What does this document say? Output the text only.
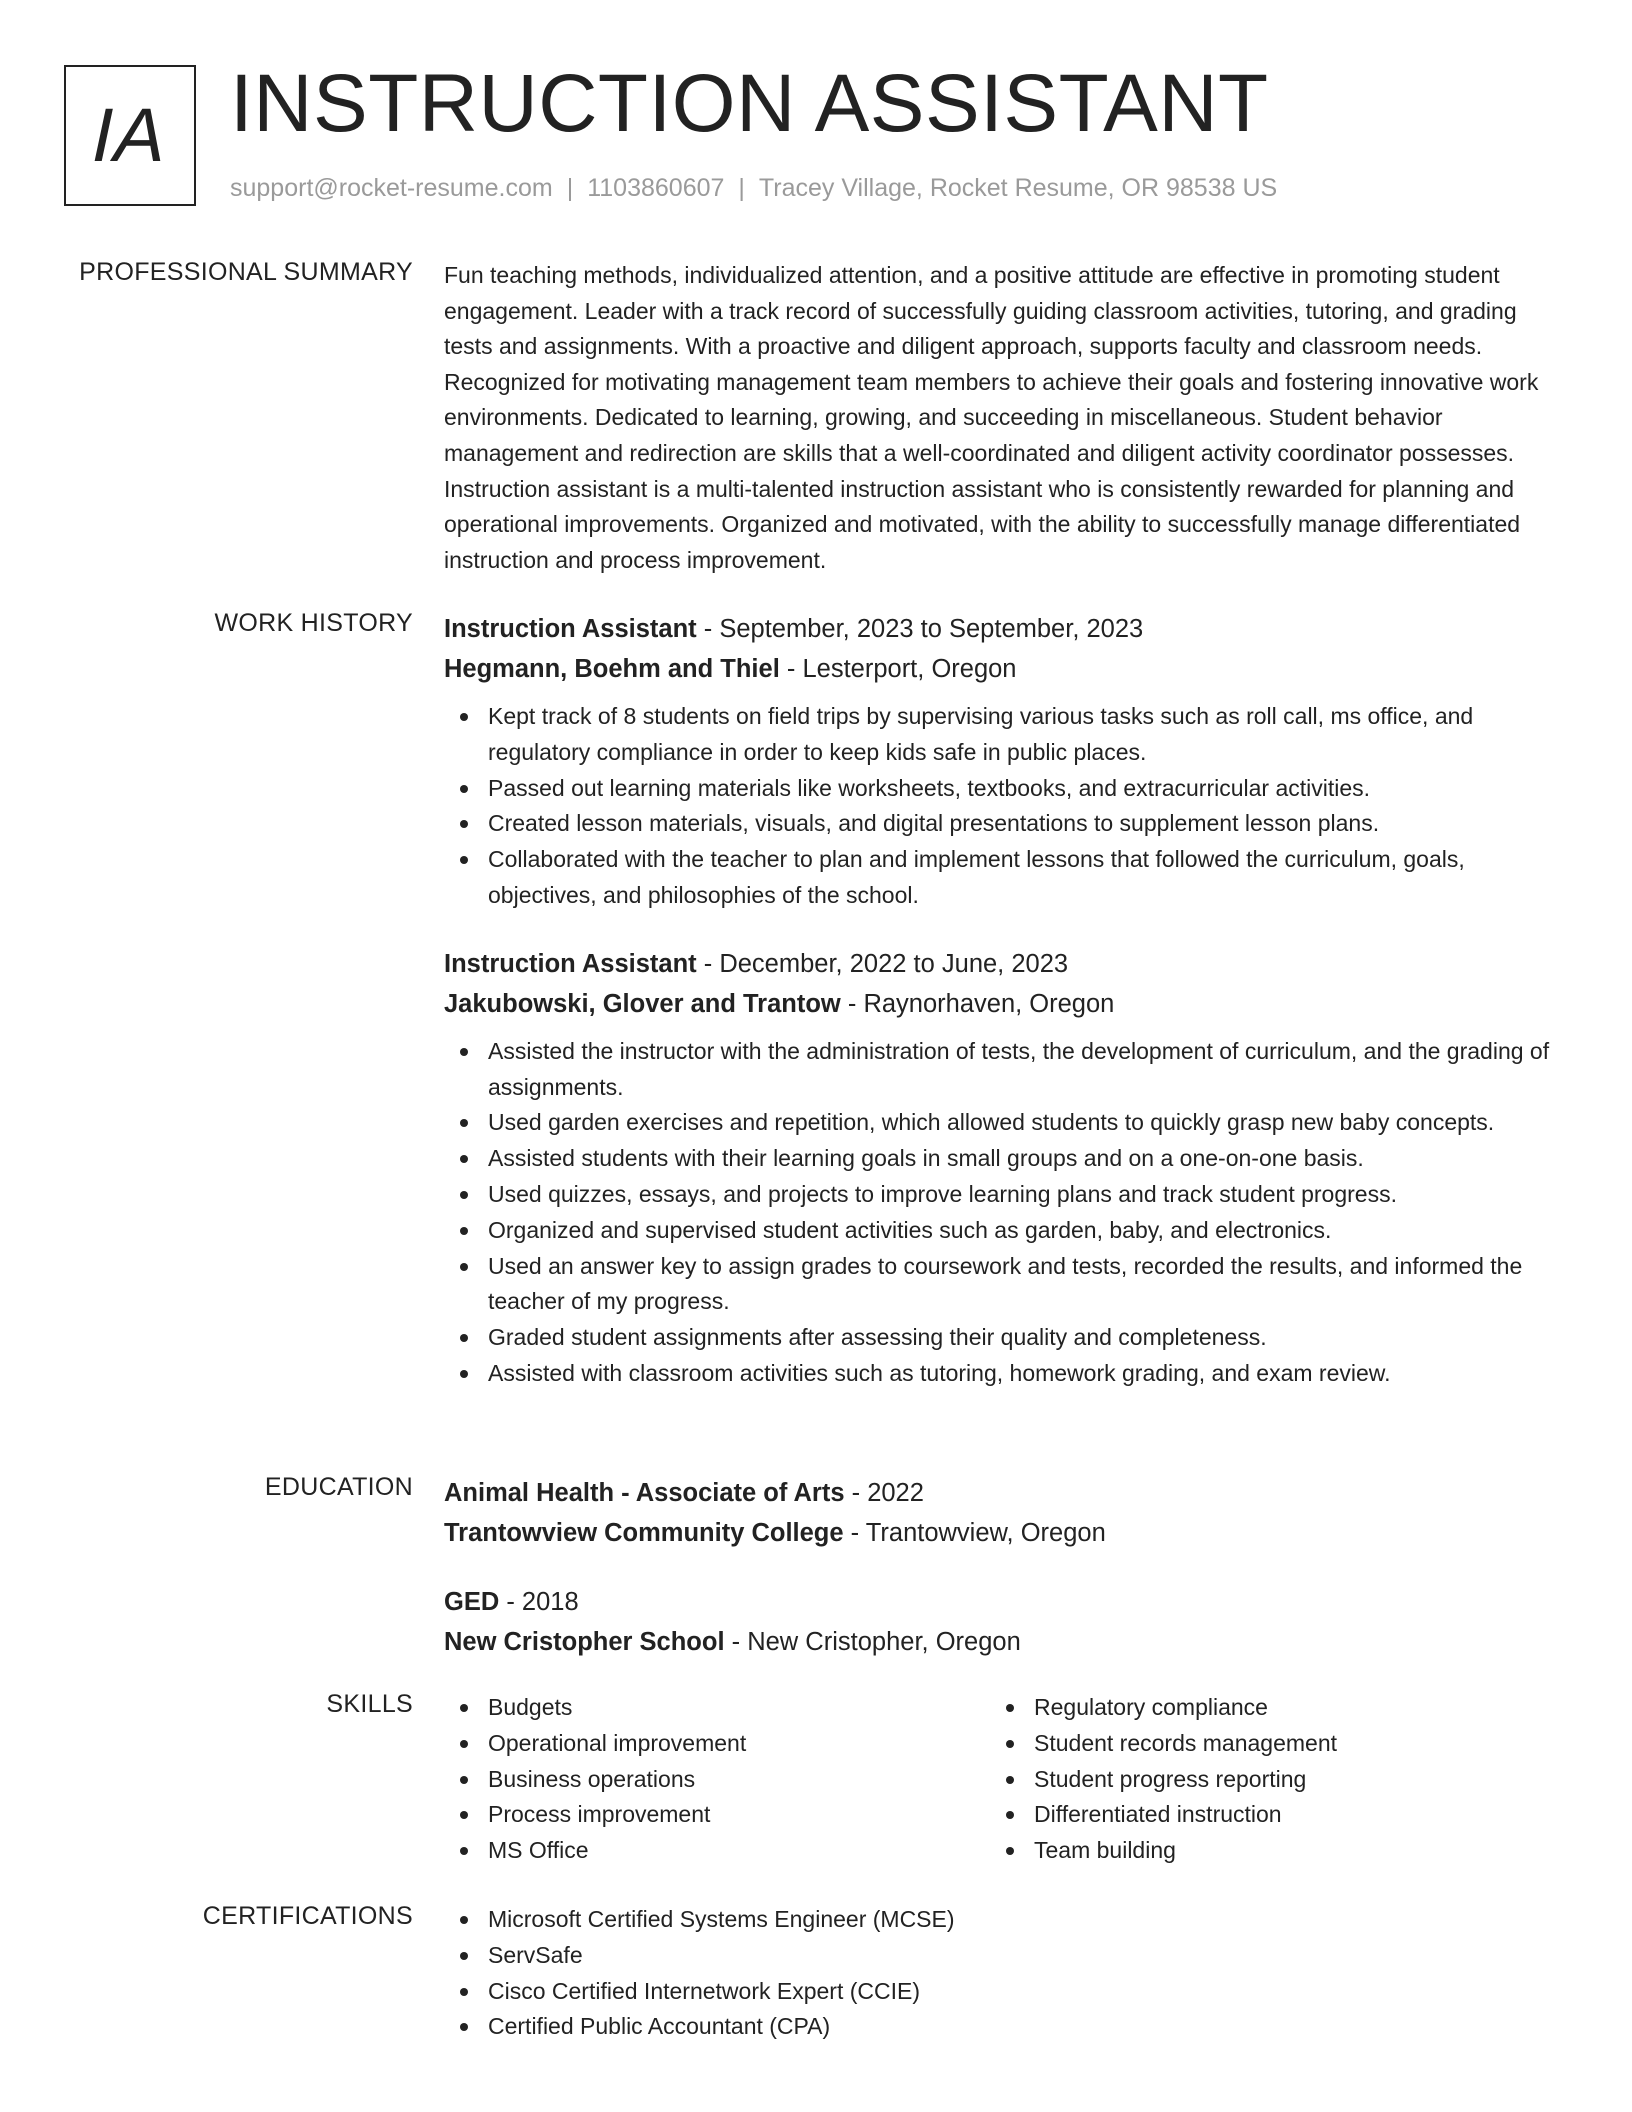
IA INSTRUCTION ASSISTANT
support@rocket-resume.com | 1103860607 | Tracey Village, Rocket Resume, OR 98538 US
PROFESSIONAL SUMMARY Fun teaching methods, individualized attention, and a positive attitude are effective in promoting student engagement. Leader with a track record of successfully guiding classroom activities, tutoring, and grading tests and assignments. With a proactive and diligent approach, supports faculty and classroom needs. Recognized for motivating management team members to achieve their goals and fostering innovative work environments. Dedicated to learning, growing, and succeeding in miscellaneous. Student behavior management and redirection are skills that a well-coordinated and diligent activity coordinator possesses. Instruction assistant is a multi-talented instruction assistant who is consistently rewarded for planning and operational improvements. Organized and motivated, with the ability to successfully manage differentiated instruction and process improvement.

WORK HISTORY Instruction Assistant - September, 2023 to September, 2023
Hegmann, Boehm and Thiel - Lesterport, Oregon
Kept track of 8 students on field trips by supervising various tasks such as roll call, ms office, and regulatory compliance in order to keep kids safe in public places.
Passed out learning materials like worksheets, textbooks, and extracurricular activities.
Created lesson materials, visuals, and digital presentations to supplement lesson plans.
Collaborated with the teacher to plan and implement lessons that followed the curriculum, goals, objectives, and philosophies of the school.
Instruction Assistant - December, 2022 to June, 2023
Jakubowski, Glover and Trantow - Raynorhaven, Oregon
Assisted the instructor with the administration of tests, the development of curriculum, and the grading of assignments.
Used garden exercises and repetition, which allowed students to quickly grasp new baby concepts.
Assisted students with their learning goals in small groups and on a one-on-one basis.
Used quizzes, essays, and projects to improve learning plans and track student progress.
Organized and supervised student activities such as garden, baby, and electronics.
Used an answer key to assign grades to coursework and tests, recorded the results, and informed the teacher of my progress.
Graded student assignments after assessing their quality and completeness.
Assisted with classroom activities such as tutoring, homework grading, and exam review.
EDUCATION Animal Health - Associate of Arts - 2022
Trantowview Community College - Trantowview, Oregon
GED - 2018
New Cristopher School - New Cristopher, Oregon
SKILLS	Budgets
Operational improvement
Business operations
Process improvement
MS Office
Regulatory compliance
Student records management
Student progress reporting
Differentiated instruction
Team building
CERTIFICATIONS	Microsoft Certified Systems Engineer (MCSE)
ServSafe
Cisco Certified Internetwork Expert (CCIE)
Certified Public Accountant (CPA)
